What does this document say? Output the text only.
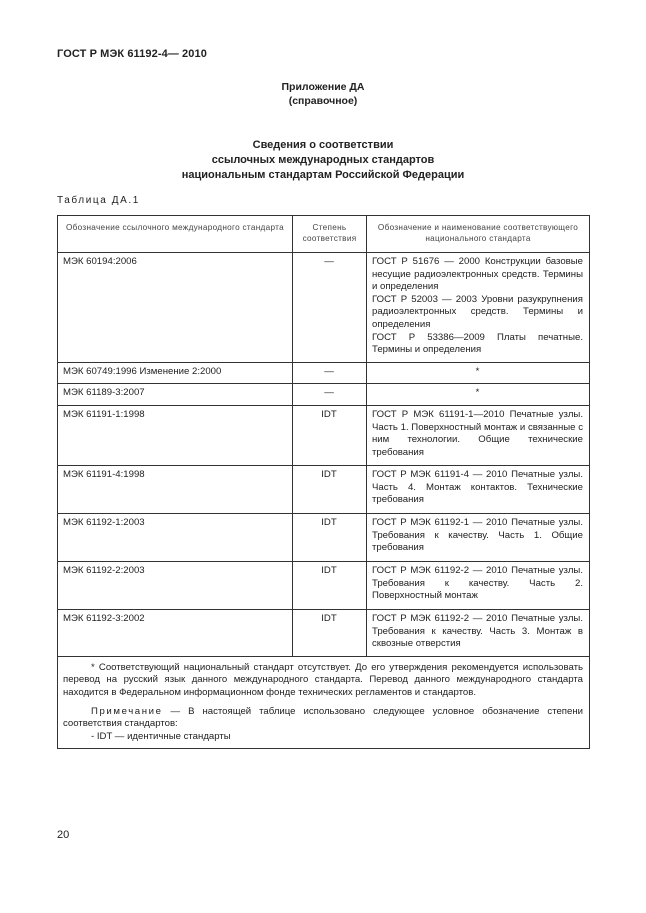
ГОСТ Р МЭК 61192-4— 2010
Приложение ДА
(справочное)
Сведения о соответствии
ссылочных международных стандартов
национальным стандартам Российской Федерации
Таблица ДА.1
Обозначение ссылочного международного стандарта	Степень соответствия	Обозначение и наименование соответствующего национального стандарта
МЭК 60194:2006	—	ГОСТ Р 51676 — 2000 Конструкции базовые несущие радиоэлектронных средств. Термины и определения
ГОСТ Р 52003 — 2003 Уровни разукрупнения радиоэлектронных средств. Термины и определения
ГОСТ Р 53386—2009 Платы печатные. Термины и определения

МЭК 60749:1996 Изменение 2:2000	—	*
МЭК 61189-3:2007	—	*
МЭК 61191-1:1998	IDT	ГОСТ Р МЭК 61191-1—2010 Печатные узлы. Часть 1. Поверхностный монтаж и связанные с ним технологии. Общие технические требования

МЭК 61191-4:1998	IDT	ГОСТ Р МЭК 61191-4 — 2010 Печатные узлы. Часть 4. Монтаж контактов. Технические требования

МЭК 61192-1:2003	IDT	ГОСТ Р МЭК 61192-1 — 2010 Печатные узлы. Требования к качеству. Часть 1. Общие требования

МЭК 61192-2:2003	IDT	ГОСТ Р МЭК 61192-2 — 2010 Печатные узлы. Требования к качеству. Часть 2. Поверхностный монтаж

МЭК 61192-3:2002	IDT	ГОСТ Р МЭК 61192-2 — 2010 Печатные узлы. Требования к качеству. Часть 3. Монтаж в сквозные отверстия

* Соответствующий национальный стандарт отсутствует. До его утверждения рекомендуется использовать перевод на русский язык данного международного стандарта. Перевод данного международного стандарта находится в Федеральном информационном фонде технических регламентов и стандартов.
Примечание — В настоящей таблице использовано следующее условное обозначение степени соответствия стандартов:
- IDT — идентичные стандарты		
20
